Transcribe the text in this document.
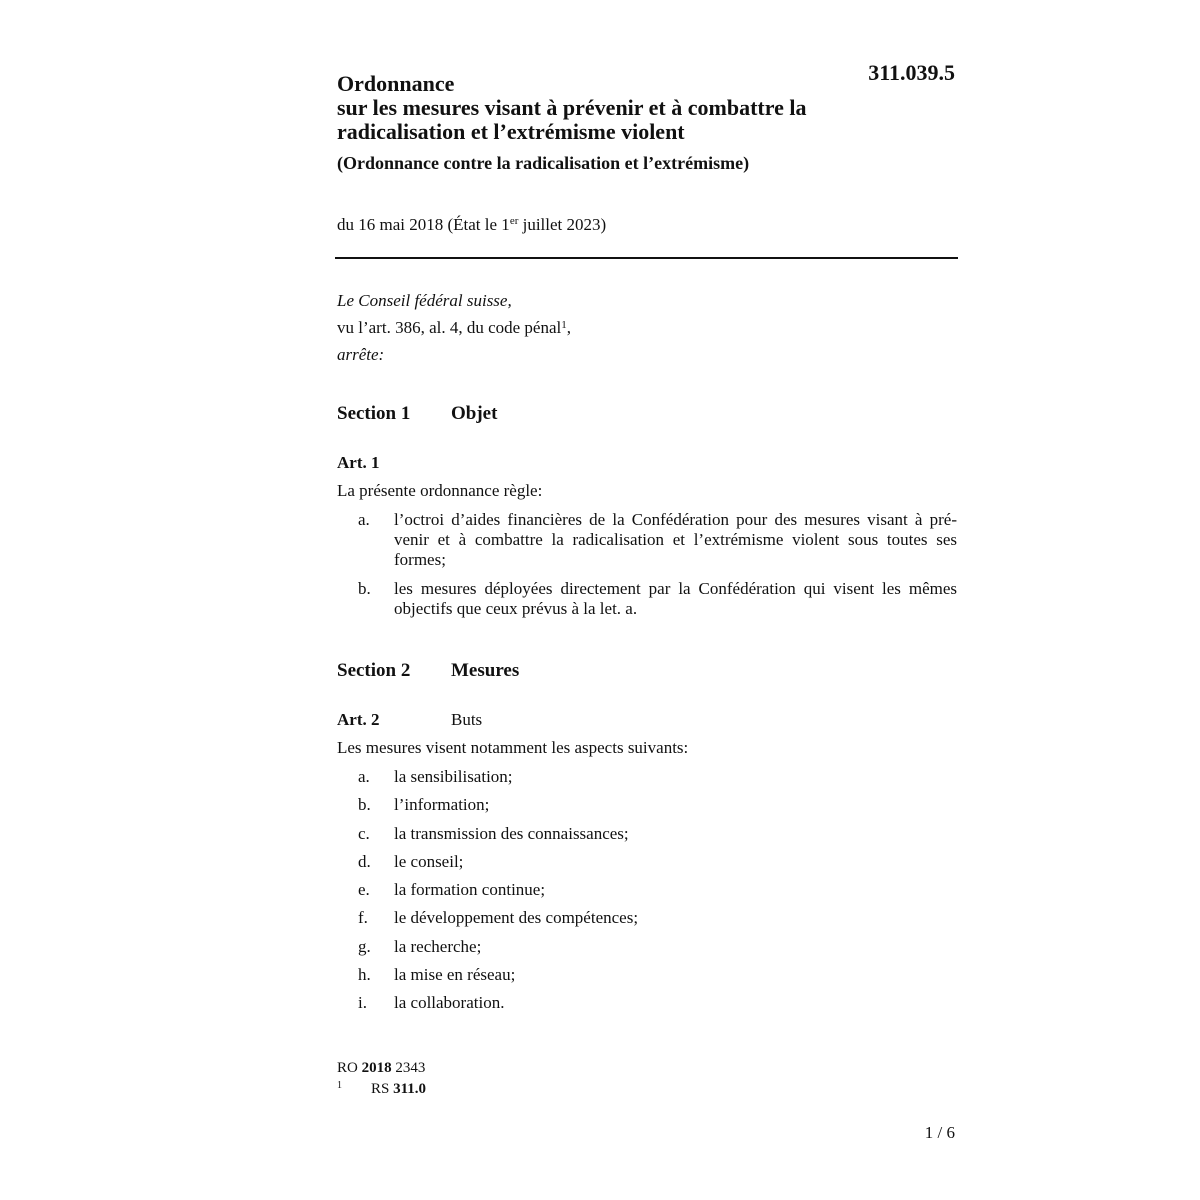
311.039.5
Ordonnance
sur les mesures visant à prévenir et à combattre la
radicalisation et l’extrémisme violent
(Ordonnance contre la radicalisation et l’extrémisme)
du 16 mai 2018 (État le 1er juillet 2023)
Le Conseil fédéral suisse,
vu l’art. 386, al. 4, du code pénal$^1$,
arrête:
Section 1 Objet
Art. 1
La présente ordonnance règle:
a. l’octroi d’aides financières de la Confédération pour des mesures visant à pré-venir et à combattre la radicalisation et l’extrémisme violent sous toutes ses formes;
b. les mesures déployées directement par la Confédération qui visent les mêmes objectifs que ceux prévus à la let. a.
Section 2 Mesures
Art. 2	Buts
Les mesures visent notamment les aspects suivants:
a. la sensibilisation;
b. l’information;
c. la transmission des connaissances;
d. le conseil;
e. la formation continue;
f. le développement des compétences;
g. la recherche;
h. la mise en réseau;
i. la collaboration.
RO 2018 2343
1 RS 311.0
1 / 6
